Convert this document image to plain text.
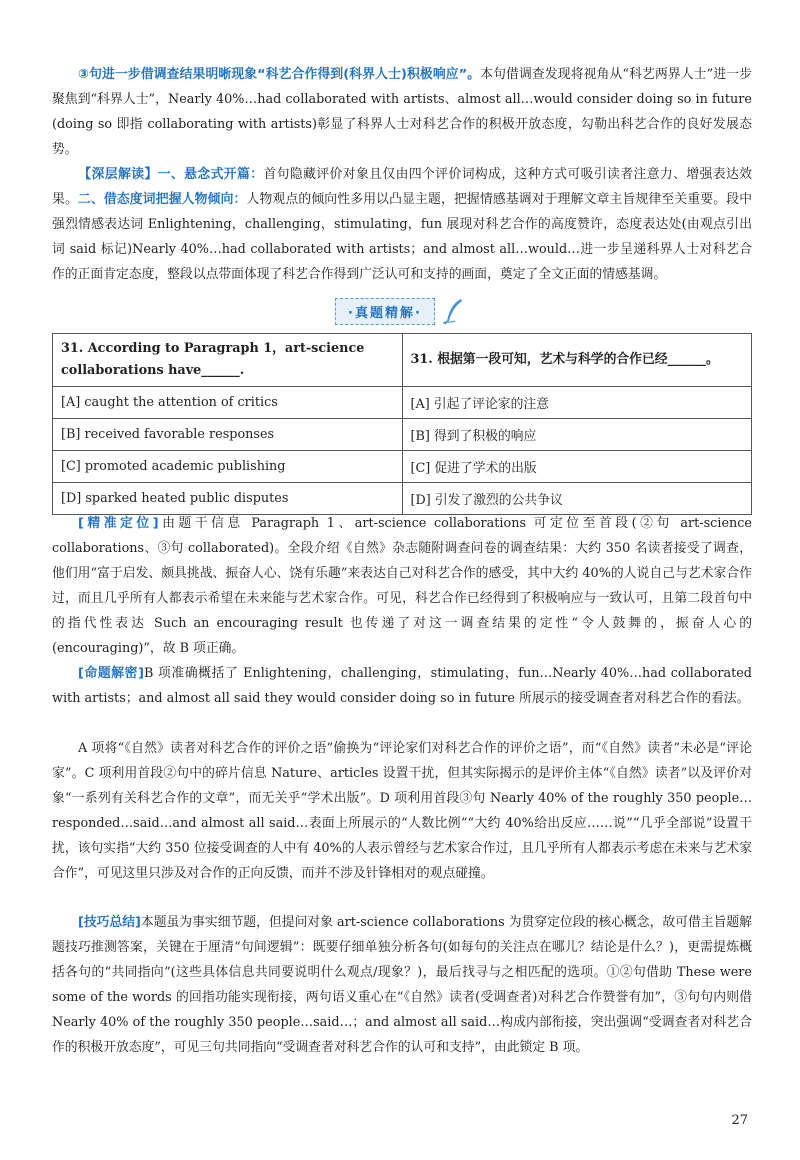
③句进一步借调查结果明晰现象“科艺合作得到(科界人士)积极响应”。本句借调查发现将视角从“科艺两界人士”进一步聚焦到“科界人士”，Nearly 40%…had collaborated with artists、almost all…would consider doing so in future (doing so 即指 collaborating with artists)彰显了科界人士对科艺合作的积极开放态度，勾勒出科艺合作的良好发展态势。

【深层解读】一、悬念式开篇：首句隐藏评价对象且仅由四个评价词构成，这种方式可吸引读者注意力、增强表达效果。二、借态度词把握人物倾向：人物观点的倾向性多用以凸显主题，把握情感基调对于理解文章主旨规律至关重要。段中强烈情感表达词 Enlightening，challenging，stimulating，fun 展现对科艺合作的高度赞许，态度表达处(由观点引出词 said 标记)Nearly 40%…had collaborated with artists；and almost all…would…进一步呈递科界人士对科艺合作的正面肯定态度，整段以点带面体现了科艺合作得到广泛认可和支持的画面，奠定了全文正面的情感基调。

·真题精解·
31. According to Paragraph 1，art-science collaborations have______.	31. 根据第一段可知，艺术与科学的合作已经______。
[A] caught the attention of critics	[A] 引起了评论家的注意
[B] received favorable responses	[B] 得到了积极的响应
[C] promoted academic publishing	[C] 促进了学术的出版
[D] sparked heated public disputes	[D] 引发了激烈的公共争议

[精准定位]由题干信息 Paragraph 1、art-science collaborations 可定位至首段(②句 art-science collaborations、③句 collaborated)。全段介绍《自然》杂志随附调查问卷的调查结果：大约 350 名读者接受了调查，他们用“富于启发、颇具挑战、振奋人心、饶有乐趣”来表达自己对科艺合作的感受，其中大约 40%的人说自己与艺术家合作过，而且几乎所有人都表示希望在未来能与艺术家合作。可见，科艺合作已经得到了积极响应与一致认可，且第二段首句中的指代性表达 Such an encouraging result 也传递了对这一调查结果的定性“令人鼓舞的，振奋人心的(encouraging)”，故 B 项正确。

[命题解密]B 项准确概括了 Enlightening，challenging，stimulating，fun…Nearly 40%…had collaborated with artists；and almost all said they would consider doing so in future 所展示的接受调查者对科艺合作的看法。

A 项将“《自然》读者对科艺合作的评价之语”偷换为“评论家们对科艺合作的评价之语”，而“《自然》读者”未必是“评论家”。C 项利用首段②句中的碎片信息 Nature、articles 设置干扰，但其实际揭示的是评价主体“《自然》读者”以及评价对象“一系列有关科艺合作的文章”，而无关乎“学术出版”。D 项利用首段③句 Nearly 40% of the roughly 350 people…responded…said…and almost all said…表面上所展示的“人数比例”“大约 40%给出反应……说”“几乎全部说”设置干扰，该句实指“大约 350 位接受调查的人中有 40%的人表示曾经与艺术家合作过，且几乎所有人都表示考虑在未来与艺术家合作”，可见这里只涉及对合作的正向反馈，而并不涉及针锋相对的观点碰撞。

[技巧总结]本题虽为事实细节题，但提问对象 art-science collaborations 为贯穿定位段的核心概念，故可借主旨题解题技巧推测答案，关键在于厘清“句间逻辑”：既要仔细单独分析各句(如每句的关注点在哪儿？结论是什么？)，更需提炼概括各句的“共同指向”(这些具体信息共同要说明什么观点/现象？)，最后找寻与之相匹配的选项。①②句借助 These were some of the words 的回指功能实现衔接，两句语义重心在“《自然》读者(受调查者)对科艺合作赞誉有加”，③句句内则借 Nearly 40% of the roughly 350 people…said…；and almost all said…构成内部衔接，突出强调“受调查者对科艺合作的积极开放态度”，可见三句共同指向“受调查者对科艺合作的认可和支持”，由此锁定 B 项。

27
